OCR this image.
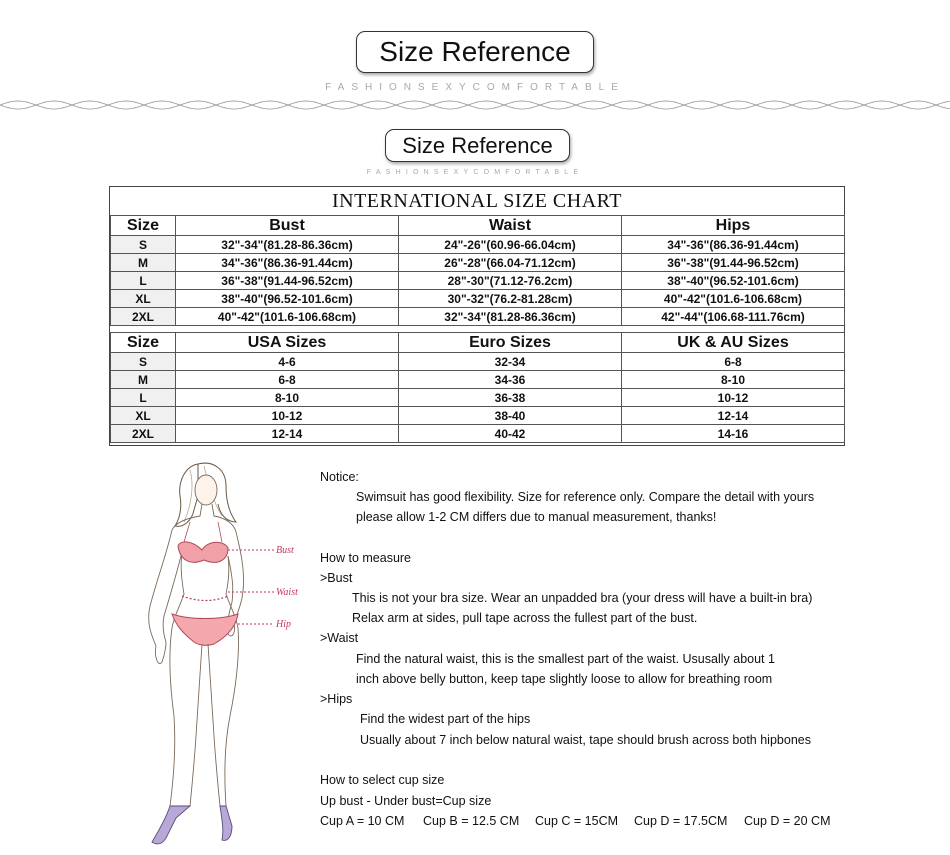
Size Reference
FASHIONSEXYCOMFORTABLE
Size Reference
FASHIONSEXYCOMFORTABLE
INTERNATIONAL SIZE CHART
Size	Bust	Waist	Hips
S	32"-34"(81.28-86.36cm)	24"-26"(60.96-66.04cm)	34"-36"(86.36-91.44cm)
M	34"-36"(86.36-91.44cm)	26"-28"(66.04-71.12cm)	36"-38"(91.44-96.52cm)
L	36"-38"(91.44-96.52cm)	28"-30"(71.12-76.2cm)	38"-40"(96.52-101.6cm)
XL	38"-40"(96.52-101.6cm)	30"-32"(76.2-81.28cm)	40"-42"(101.6-106.68cm)
2XL	40"-42"(101.6-106.68cm)	32"-34"(81.28-86.36cm)	42"-44"(106.68-111.76cm)
Size	USA Sizes	Euro Sizes	UK & AU Sizes
S	4-6	32-34	6-8
M	6-8	34-36	8-10
L	8-10	36-38	10-12
XL	10-12	38-40	12-14
2XL	12-14	40-42	14-16
Bust
Waist
Hip
Notice:
Swimsuit has good flexibility. Size for reference only. Compare the detail with yours
please allow 1-2 CM differs due to manual measurement, thanks!
How to measure
>Bust
This is not your bra size. Wear an unpadded bra (your dress will have a built-in bra)
Relax arm at sides, pull tape across the fullest part of the bust.
>Waist
Find the natural waist, this is the smallest part of the waist. Ususally about 1
inch above belly button, keep tape slightly loose to allow for breathing room
>Hips
Find the widest part of the hips
Usually about 7 inch below natural waist, tape should brush across both hipbones
How to select cup size
Up bust - Under bust=Cup size
Cup A = 10 CM Cup B = 12.5 CM Cup C = 15CM Cup D = 17.5CM Cup D = 20 CM
